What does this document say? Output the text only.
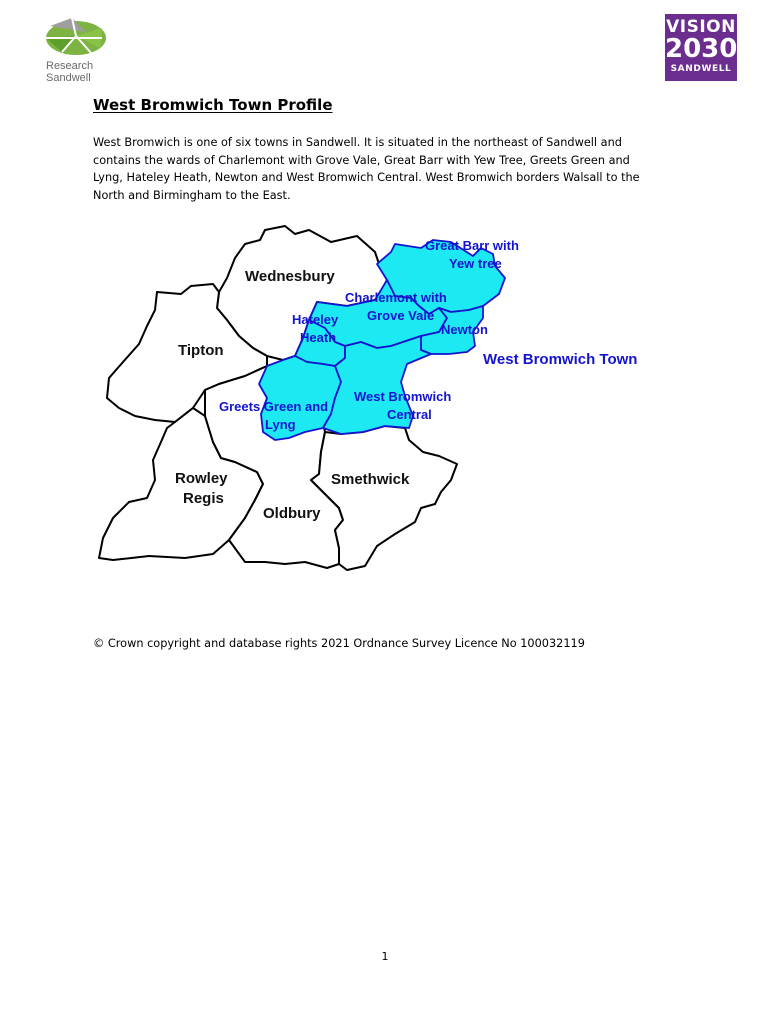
Research
Sandwell
VISION
2030
SANDWELL
West Bromwich Town Profile

West Bromwich is one of six towns in Sandwell. It is situated in the northeast of Sandwell and
contains the wards of Charlemont with Grove Vale, Great Barr with Yew Tree, Greets Green and
Lyng, Hateley Heath, Newton and West Bromwich Central. West Bromwich borders Walsall to the
North and Birmingham to the East.

Wednesbury
Tipton
Rowley
Regis
Oldbury
Smethwick
Great Barr with
Yew tree
Charlemont with
Grove Vale
Newton
Hateley
Heath
Greets Green and
Lyng
West Bromwich
Central
West Bromwich Town

© Crown copyright and database rights 2021 Ordnance Survey Licence No 100032119

1
